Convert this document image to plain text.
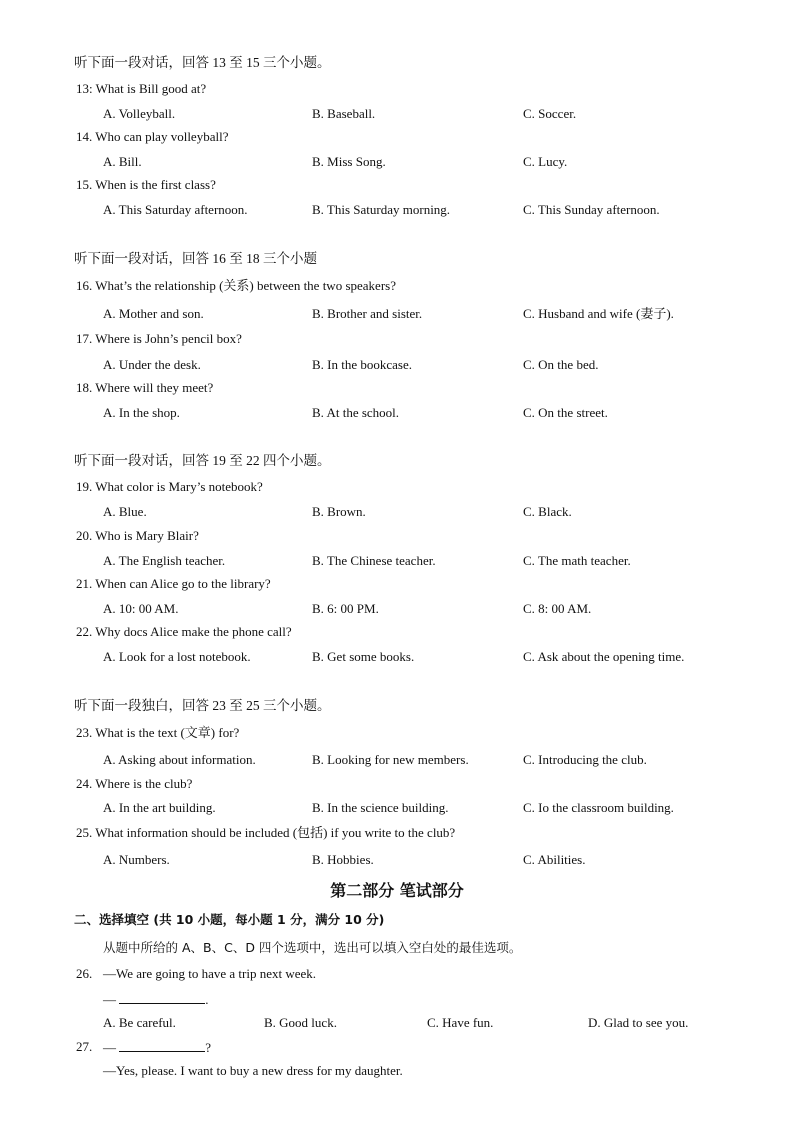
听下面一段对话，回答 13 至 15 三个小题。
13: What is Bill good at?
A. Volleyball.	B. Baseball.	C. Soccer.
14. Who can play volleyball?
A. Bill.	B. Miss Song.	C. Lucy.
15. When is the first class?
A. This Saturday afternoon.	B. This Saturday morning.	C. This Sunday afternoon.
听下面一段对话，回答 16 至 18 三个小题
16. What’s the relationship (关系) between the two speakers?
A. Mother and son.	B. Brother and sister.	C. Husband and wife (妻子).
17. Where is John’s pencil box?
A. Under the desk.	B. In the bookcase.	C. On the bed.
18. Where will they meet?
A. In the shop.	B. At the school.	C. On the street.
听下面一段对话，回答 19 至 22 四个小题。
19. What color is Mary’s notebook?
A. Blue.	B. Brown.	C. Black.
20. Who is Mary Blair?
A. The English teacher.	B. The Chinese teacher.	C. The math teacher.
21. When can Alice go to the library?
A. 10: 00 AM.	B. 6: 00 PM.	C. 8: 00 AM.
22. Why docs Alice make the phone call?
A. Look for a lost notebook.	B. Get some books.	C. Ask about the opening time.
听下面一段独白，回答 23 至 25 三个小题。
23. What is the text (文章) for?
A. Asking about information.	B. Looking for new members.	C. Introducing the club.
24. Where is the club?
A. In the art building.	B. In the science building.	C. Io the classroom building.
25. What information should be included (包括) if you write to the club?
A. Numbers.	B. Hobbies.	C. Abilities.
第二部分 笔试部分
二、选择填空 (共 10 小题，每小题 1 分，满分 10 分)
从题中所给的 A、B、C、D 四个选项中，选出可以填入空白处的最佳选项。
26. —We are going to have a trip next week.
—	.
A. Be careful.	B. Good luck.	C. Have fun.	D. Glad to see you.
27. —	?
—Yes, please. I want to buy a new dress for my daughter.
